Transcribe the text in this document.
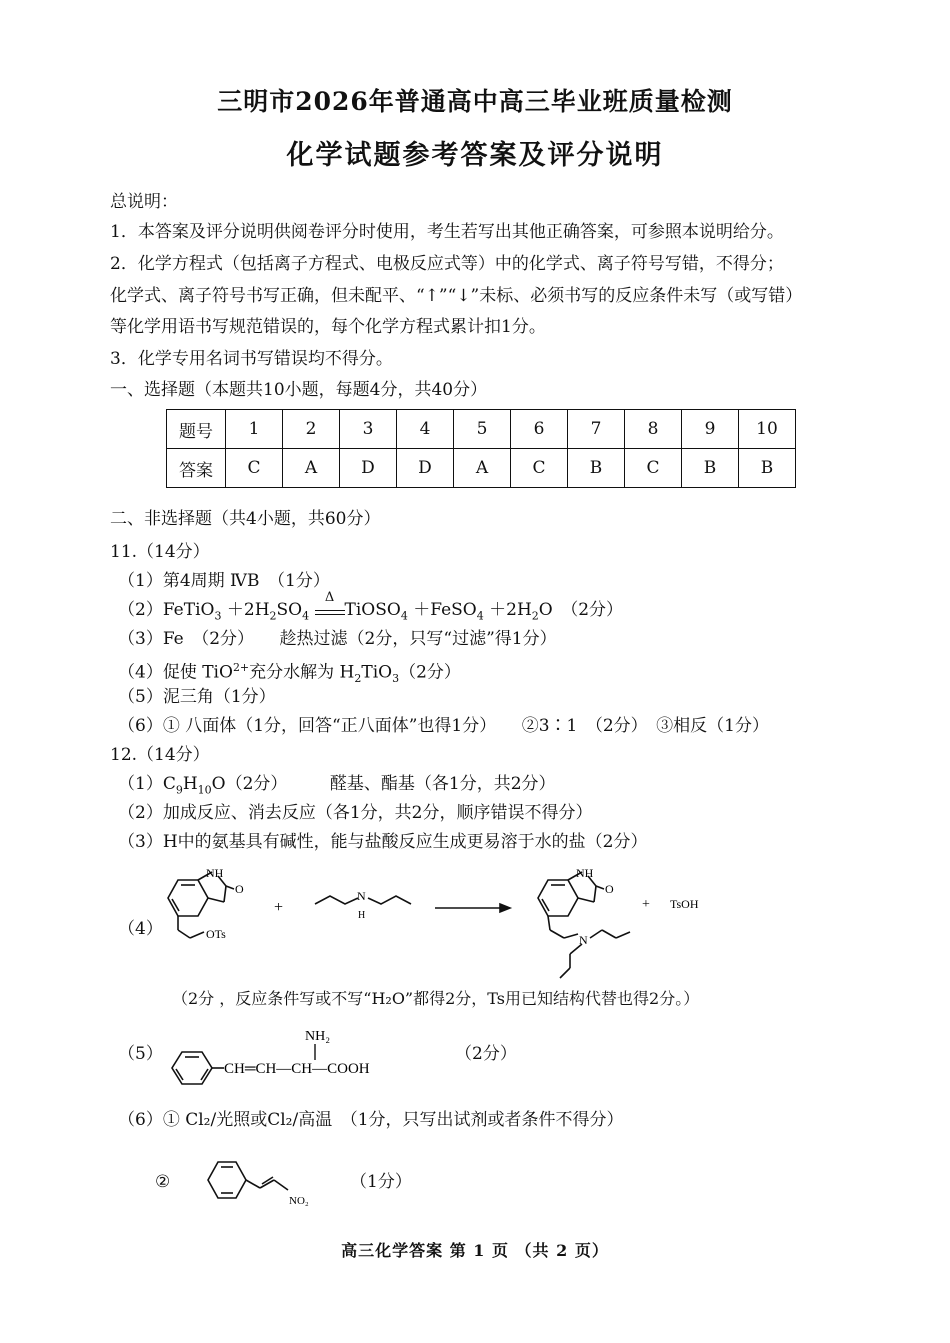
三明市2026年普通高中高三毕业班质量检测
化学试题参考答案及评分说明
总说明：
1．本答案及评分说明供阅卷评分时使用，考生若写出其他正确答案，可参照本说明给分。
2．化学方程式（包括离子方程式、电极反应式等）中的化学式、离子符号写错，不得分；
化学式、离子符号书写正确，但未配平、“↑”“↓”未标、必须书写的反应条件未写（或写错）
等化学用语书写规范错误的，每个化学方程式累计扣1分。
3．化学专用名词书写错误均不得分。
一、选择题（本题共10小题，每题4分，共40分）
题号	1	2	3	4	5	6	7	8	9	10
答案	C	A	D	D	A	C	B	C	B	B
二、非选择题（共4小题，共60分）
11.（14分）
（1）第4周期 ⅣB　（1分）
（2）FeTiO$_3$ $+2H_2SO_4$
Δ
TiOSO$_4$ ＋FeSO$_4$ $+2H_2O$　（2分）
（3）Fe　（2分）　　趁热过滤（2分，只写“过滤”得1分）
（4）促使 TiO$^{2+}$充分水解为 $H_2TiO_3(2$分）
（5）泥三角（1分）
（6）① 八面体（1分，回答“正八面体”也得1分）　　②3∶1　（2分）　③相反（1分）
12.（14分）
$(1)C_9H_{10}O(2$分）　　　醛基、酯基（各1分，共2分）
（2）加成反应、消去反应（各1分，共2分，顺序错误不得分）
（3）H中的氨基具有碱性，能与盐酸反应生成更易溶于水的盐（2分）
（4）
NH
O
OTs
+
N
H
NH
O
N
+ TsOH
（2分 ，反应条件写或不写“H₂O”都得2分，Ts用已知结构代替也得2分。）
（5）
NH₂
CH═CH—CH—COOH
（2分）
（6）① Cl₂/光照或Cl₂/高温　（1分，只写出试剂或者条件不得分）
②
NO₂
（1分）
高三化学答案 第 1 页 （共 2 页）
